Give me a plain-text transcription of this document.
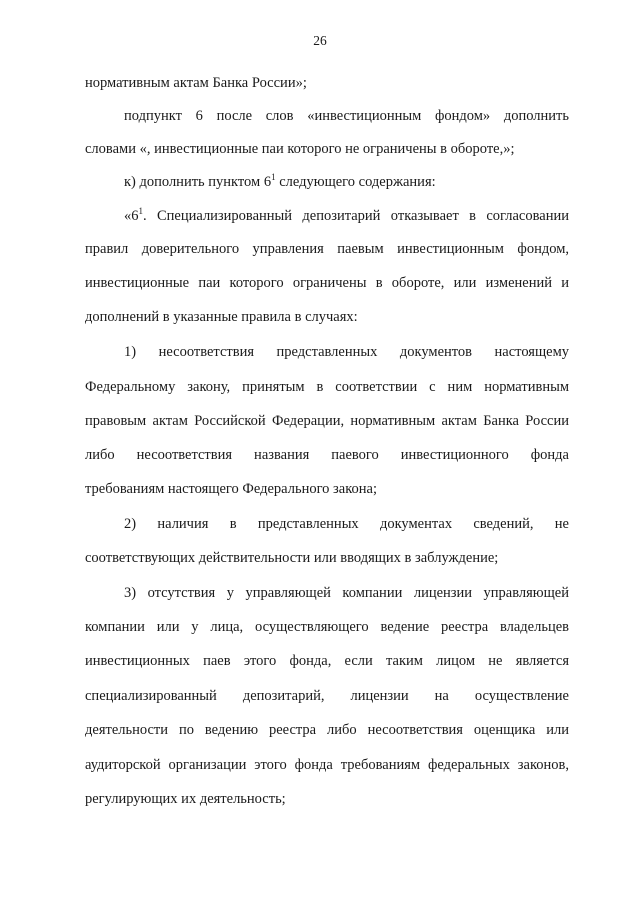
26
нормативным актам Банка России»;
подпункт 6 после слов «инвестиционным фондом» дополнить
словами «, инвестиционные паи которого не ограничены в обороте,»;
к) дополнить пунктом $6^1$ следующего содержания:
«$6^1$. Специализированный депозитарий отказывает в согласовании
правил доверительного управления паевым инвестиционным фондом,
инвестиционные паи которого ограничены в обороте, или изменений и
дополнений в указанные правила в случаях:
1) несоответствия представленных документов настоящему
Федеральному закону, принятым в соответствии с ним нормативным
правовым актам Российской Федерации, нормативным актам Банка России
либо несоответствия названия паевого инвестиционного фонда
требованиям настоящего Федерального закона;
2) наличия в представленных документах сведений, не
соответствующих действительности или вводящих в заблуждение;
3) отсутствия у управляющей компании лицензии управляющей
компании или у лица, осуществляющего ведение реестра владельцев
инвестиционных паев этого фонда, если таким лицом не является
специализированный депозитарий, лицензии на осуществление
деятельности по ведению реестра либо несоответствия оценщика или
аудиторской организации этого фонда требованиям федеральных законов,
регулирующих их деятельность;
